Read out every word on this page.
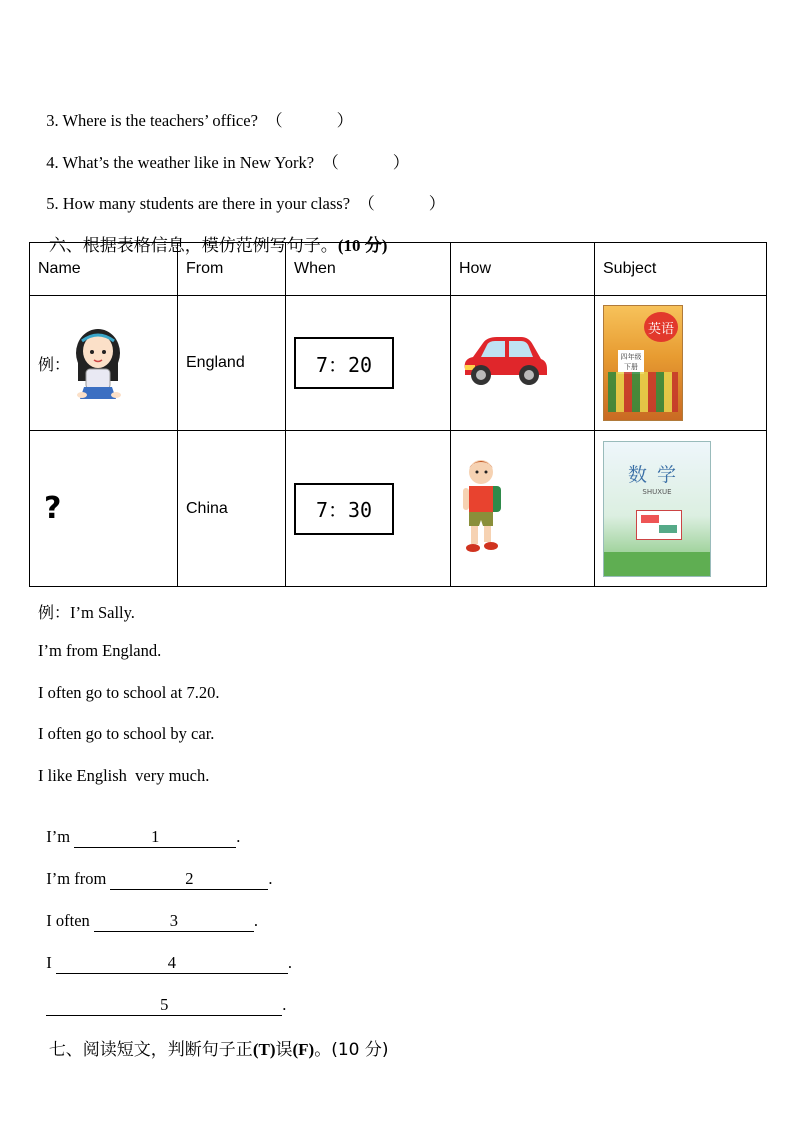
3. Where is the teachers’ office?  （	）

4. What’s the weather like in New York?  （	）

5. How many students are there in your class?  （	）

六、根据表格信息，模仿范例写句子。(10 分)

Name	From	When	How	Subject

例：	England	7：20		英语
四年级 下册

?	China	7：30		数学
SHUXUE
例：I’m Sally.
I’m from England.
I often go to school at 7.20.
I often go to school by car.
I like English  very much.

I’m	1	.

I’m from	2	.

I often	3	.

I	4	.

5	.

七、阅读短文，判断句子正(T)误(F)。(10 分)
